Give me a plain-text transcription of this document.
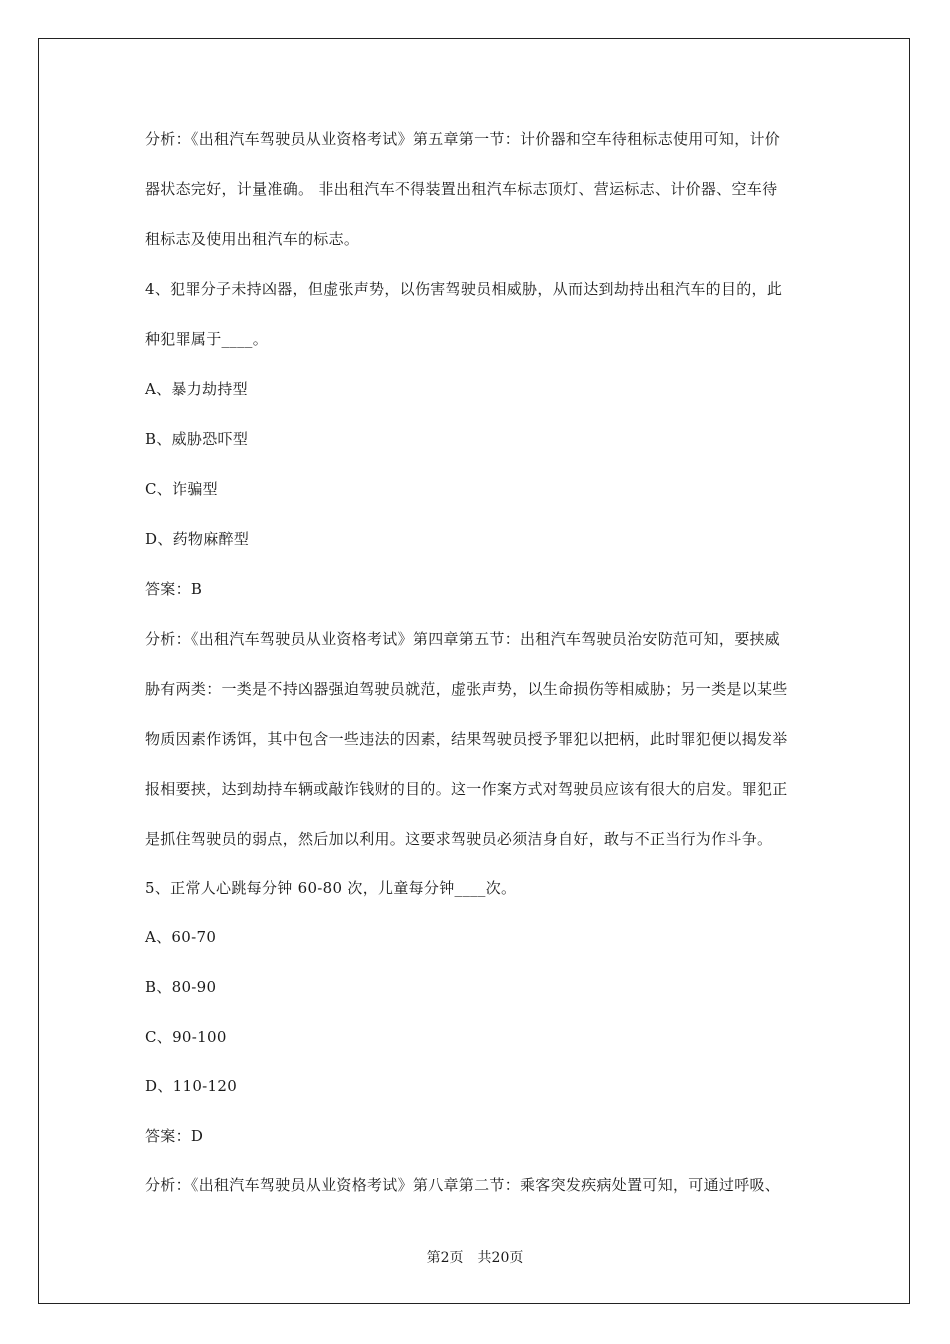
分析：《出租汽车驾驶员从业资格考试》第五章第一节：计价器和空车待租标志使用可知，计价
器状态完好，计量准确。 非出租汽车不得装置出租汽车标志顶灯、营运标志、计价器、空车待
租标志及使用出租汽车的标志。
4、犯罪分子未持凶器，但虚张声势，以伤害驾驶员相威胁，从而达到劫持出租汽车的目的，此
种犯罪属于____。
A、暴力劫持型
B、威胁恐吓型
C、诈骗型
D、药物麻醉型
答案：B
分析：《出租汽车驾驶员从业资格考试》第四章第五节：出租汽车驾驶员治安防范可知，要挟威
胁有两类：一类是不持凶器强迫驾驶员就范，虚张声势，以生命损伤等相威胁；另一类是以某些
物质因素作诱饵，其中包含一些违法的因素，结果驾驶员授予罪犯以把柄，此时罪犯便以揭发举
报相要挟，达到劫持车辆或敲诈钱财的目的。这一作案方式对驾驶员应该有很大的启发。罪犯正
是抓住驾驶员的弱点，然后加以利用。这要求驾驶员必须洁身自好，敢与不正当行为作斗争。
5、正常人心跳每分钟 60-80 次，儿童每分钟____次。
A、60-70
B、80-90
C、90-100
D、110-120
答案：D
分析：《出租汽车驾驶员从业资格考试》第八章第二节：乘客突发疾病处置可知，可通过呼吸、
第2页 共20页
